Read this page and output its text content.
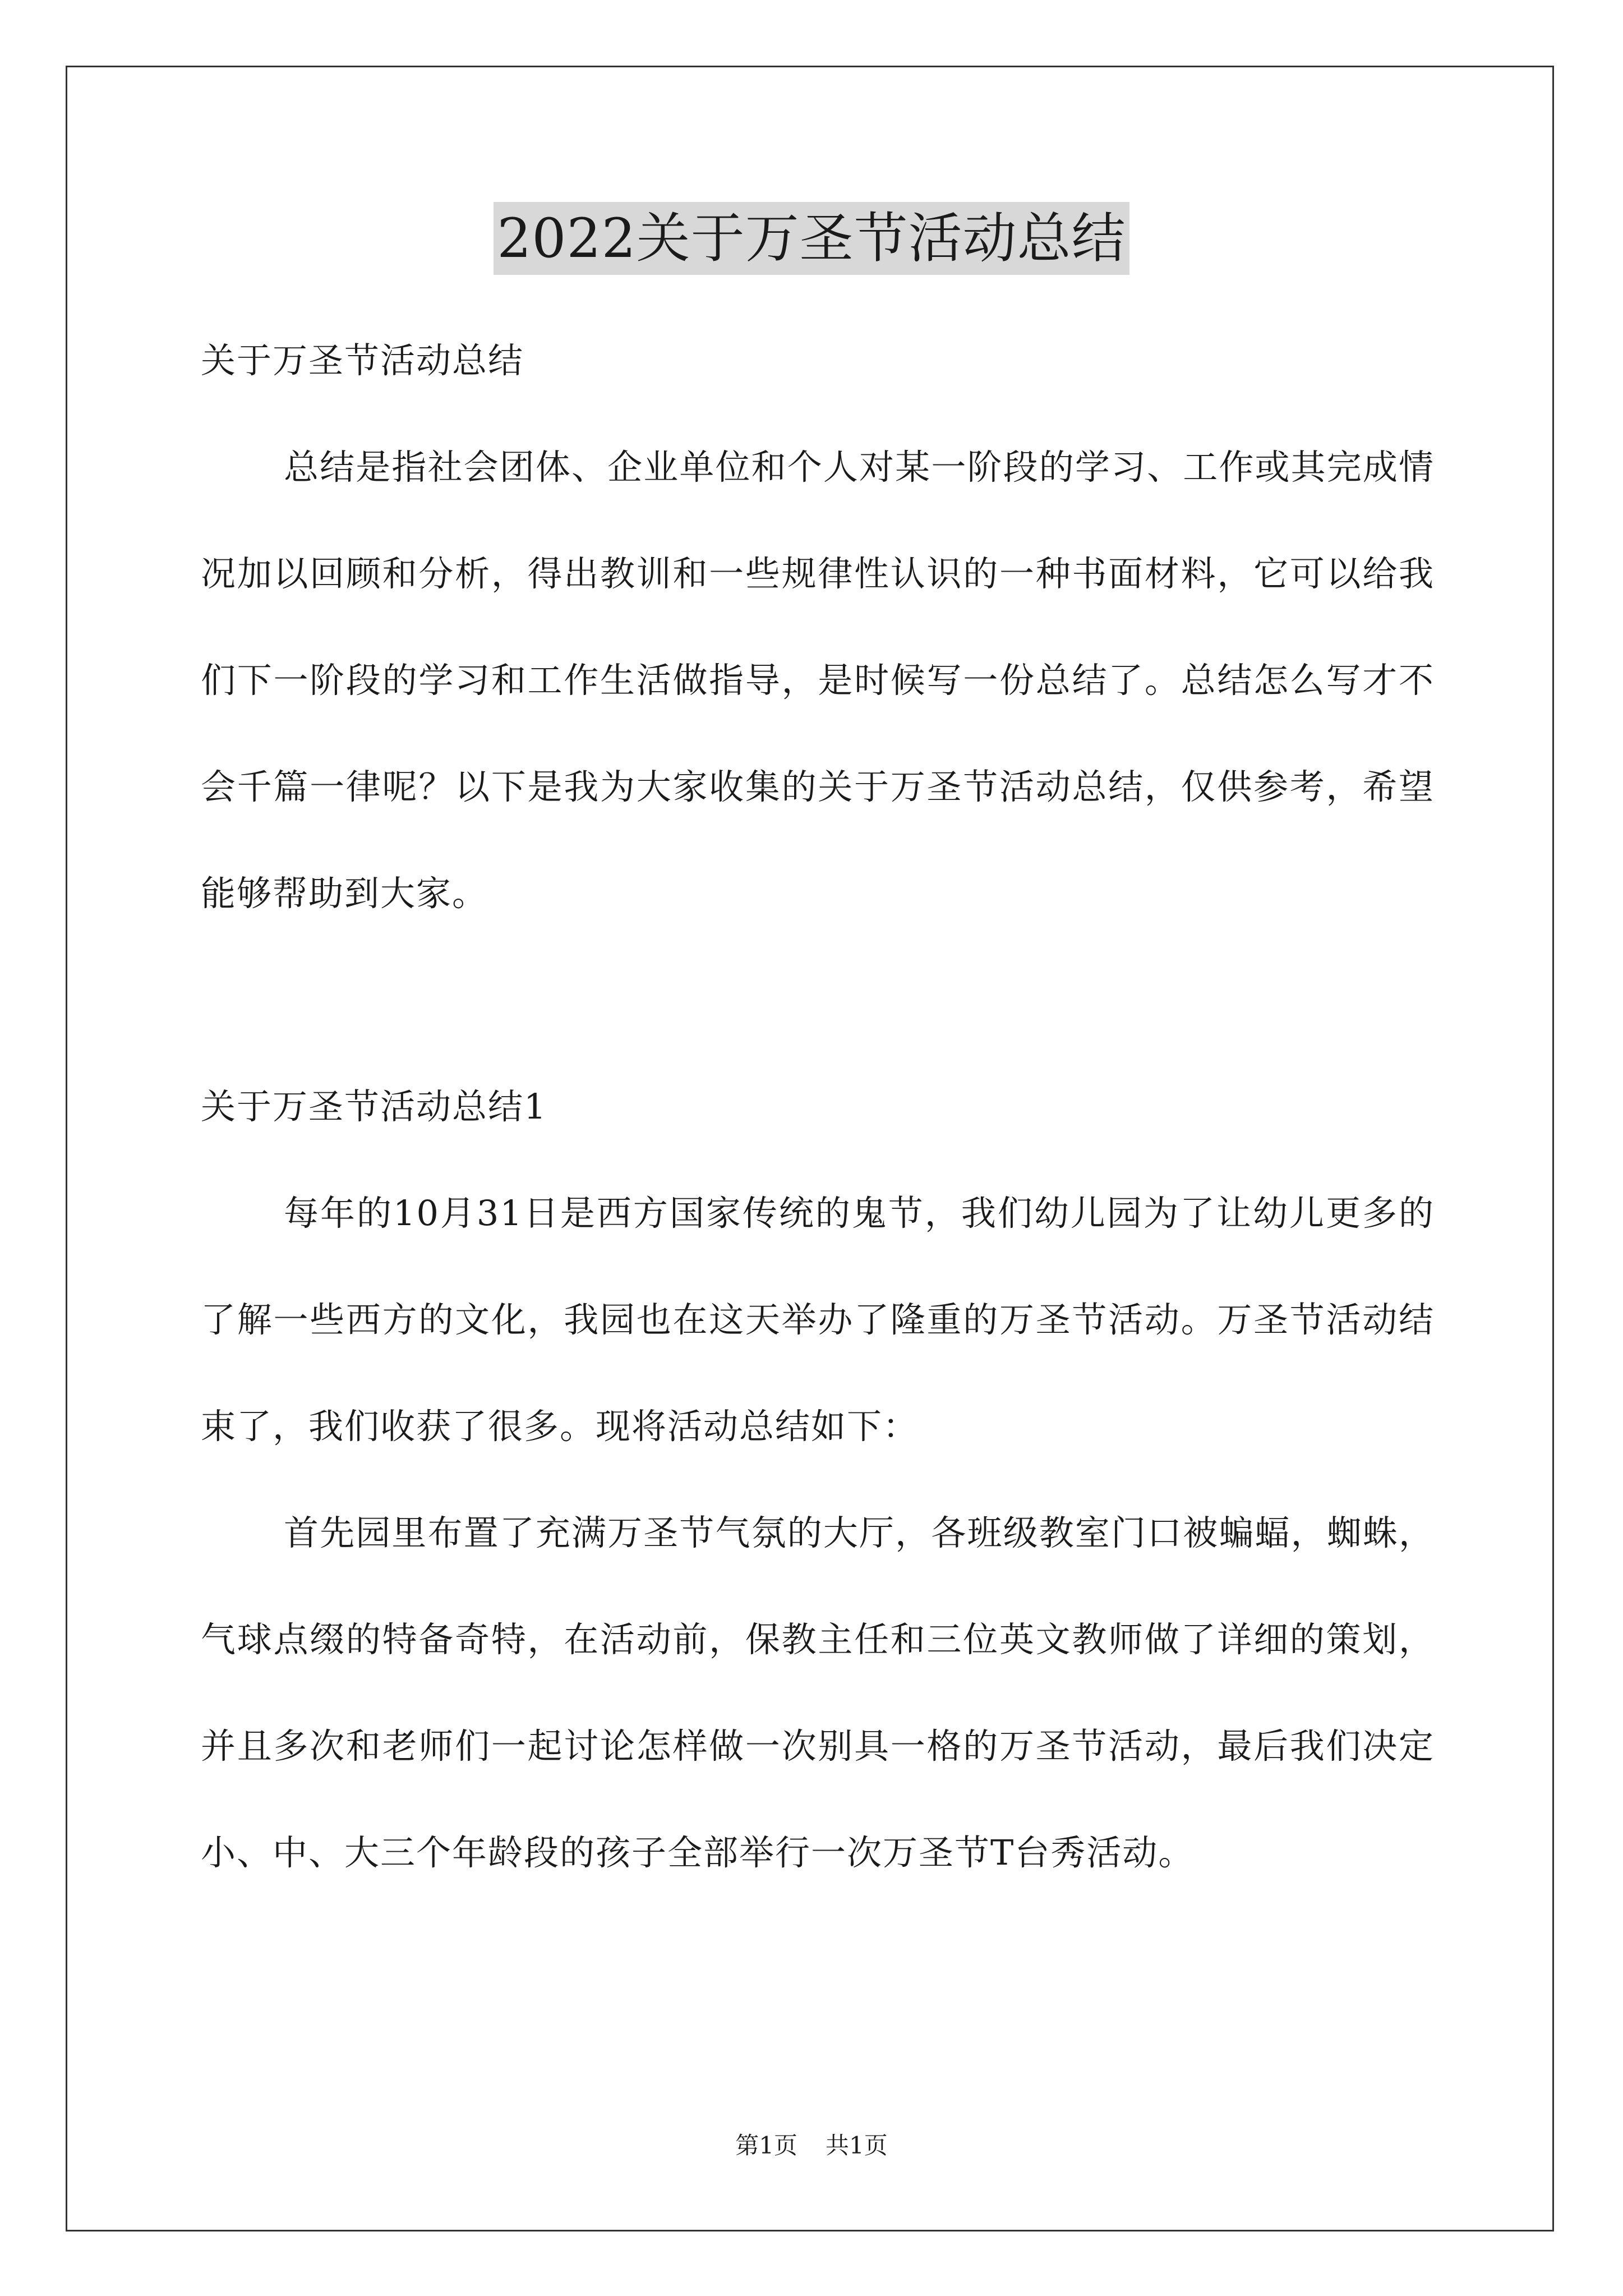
2022关于万圣节活动总结

关于万圣节活动总结

总结是指社会团体、企业单位和个人对某一阶段的学习、工作或其完成情况加以回顾和分析，得出教训和一些规律性认识的一种书面材料，它可以给我们下一阶段的学习和工作生活做指导，是时候写一份总结了。总结怎么写才不会千篇一律呢？以下是我为大家收集的关于万圣节活动总结，仅供参考，希望能够帮助到大家。

关于万圣节活动总结1

每年的10月31日是西方国家传统的鬼节，我们幼儿园为了让幼儿更多的了解一些西方的文化，我园也在这天举办了隆重的万圣节活动。万圣节活动结束了，我们收获了很多。现将活动总结如下：

首先园里布置了充满万圣节气氛的大厅，各班级教室门口被蝙蝠，蜘蛛，气球点缀的特备奇特，在活动前，保教主任和三位英文教师做了详细的策划，并且多次和老师们一起讨论怎样做一次别具一格的万圣节活动，最后我们决定小、中、大三个年龄段的孩子全部举行一次万圣节T台秀活动。

第1页 共1页
